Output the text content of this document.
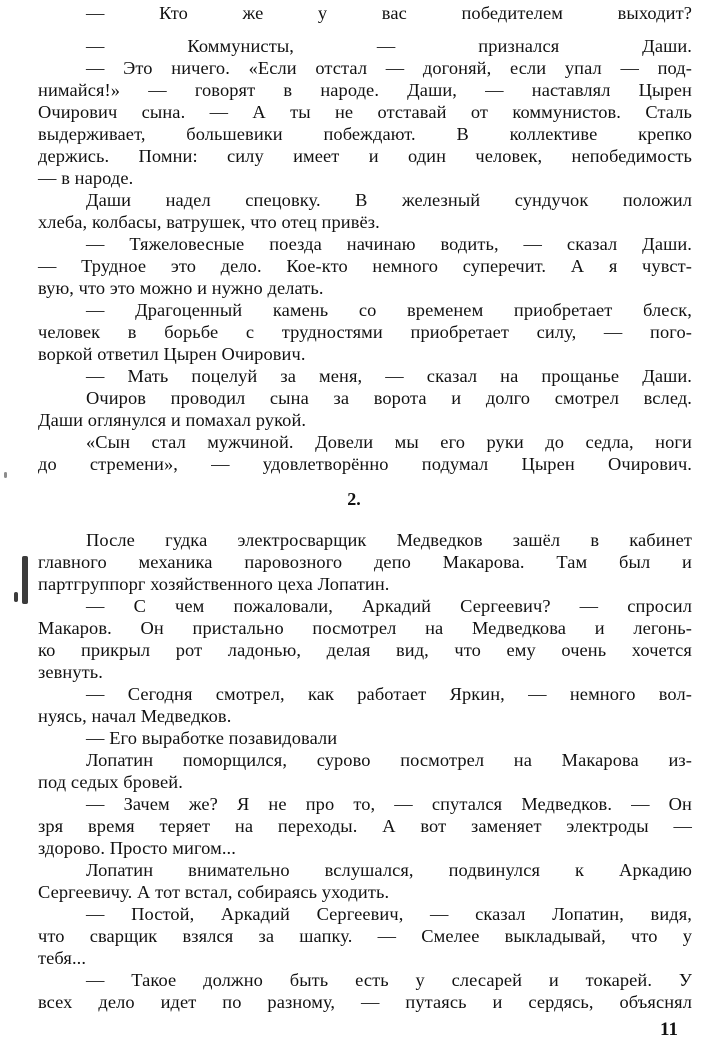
— Кто же у вас победителем выходит?
— Коммунисты, — признался Даши.
— Это ничего. «Если отстал — догоняй, если упал — под-
нимайся!» — говорят в народе. Даши, — наставлял Цырен
Очирович сына. — А ты не отставай от коммунистов. Сталь
выдерживает, большевики побеждают. В коллективе крепко
держись. Помни: силу имеет и один человек, непобедимость
— в народе.
Даши надел спецовку. В железный сундучок положил
хлеба, колбасы, ватрушек, что отец привёз.
— Тяжеловесные поезда начинаю водить, — сказал Даши.
— Трудное это дело. Кое-кто немного суперечит. А я чувст-
вую, что это можно и нужно делать.
— Драгоценный камень со временем приобретает блеск,
человек в борьбе с трудностями приобретает силу, — пого-
воркой ответил Цырен Очирович.
— Мать поцелуй за меня, — сказал на прощанье Даши.
Очиров проводил сына за ворота и долго смотрел вслед.
Даши оглянулся и помахал рукой.
«Сын стал мужчиной. Довели мы его руки до седла, ноги
до стремени», — удовлетворённо подумал Цырен Очирович.
2.
После гудка электросварщик Медведков зашёл в кабинет
главного механика паровозного депо Макарова. Там был и
партгруппорг хозяйственного цеха Лопатин.
— С чем пожаловали, Аркадий Сергеевич? — спросил
Макаров. Он пристально посмотрел на Медведкова и легонь-
ко прикрыл рот ладонью, делая вид, что ему очень хочется
зевнуть.
— Сегодня смотрел, как работает Яркин, — немного вол-
нуясь, начал Медведков.
— Его выработке позавидовали
Лопатин поморщился, сурово посмотрел на Макарова из-
под седых бровей.
— Зачем же? Я не про то, — спутался Медведков. — Он
зря время теряет на переходы. А вот заменяет электроды —
здорово. Просто мигом...
Лопатин внимательно вслушался, подвинулся к Аркадию
Сергеевичу. А тот встал, собираясь уходить.
— Постой, Аркадий Сергеевич, — сказал Лопатин, видя,
что сварщик взялся за шапку. — Смелее выкладывай, что у
тебя...
— Такое должно быть есть у слесарей и токарей. У
всех дело идет по разному, — путаясь и сердясь, объяснял
11
